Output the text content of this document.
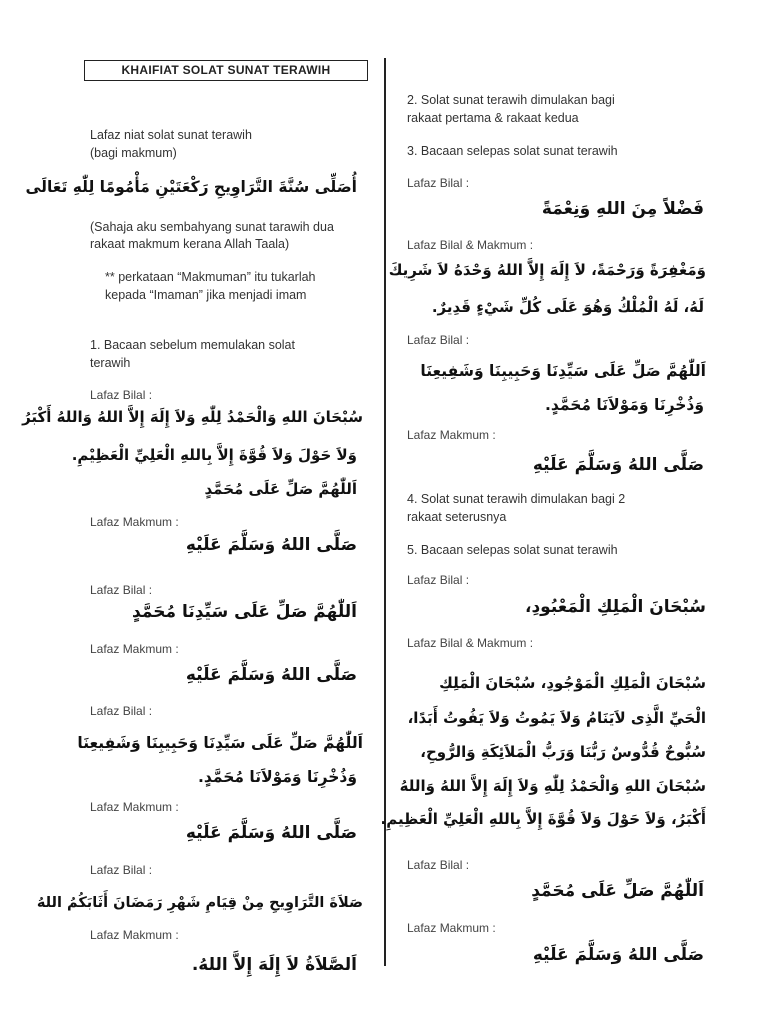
KHAIFIAT SOLAT SUNAT TERAWIH
Lafaz niat solat sunat terawih
(bagi makmum)
أُصَلِّى سُنَّةَ التَّرَاوِيحِ رَكْعَتَيْنِ مَأْمُومًا لِلّٰهِ تَعَالَى
(Sahaja aku sembahyang sunat tarawih dua
rakaat makmum kerana Allah Taala)
** perkataan “Makmuman” itu tukarlah
kepada “Imaman” jika menjadi imam
1. Bacaan sebelum memulakan solat
terawih
Lafaz Bilal :
سُبْحَانَ اللهِ وَالْحَمْدُ لِلّٰهِ وَلاَ إِلَهَ إِلاَّ اللهُ وَاللهُ أَكْبَرُ
وَلاَ حَوْلَ وَلاَ قُوَّةَ إِلاَّ بِاللهِ الْعَلِيِّ الْعَظِيْمِ.
اَللّٰهُمَّ صَلِّ عَلَى مُحَمَّدٍ
Lafaz Makmum :
صَلَّى اللهُ وَسَلَّمَ عَلَيْهِ
Lafaz Bilal :
اَللّٰهُمَّ صَلِّ عَلَى سَيِّدِنَا مُحَمَّدٍ
Lafaz Makmum :
صَلَّى اللهُ وَسَلَّمَ عَلَيْهِ
Lafaz Bilal :
اَللّٰهُمَّ صَلِّ عَلَى سَيِّدِنَا وَحَبِيبِنَا وَشَفِيعِنَا
وَذُخْرِنَا وَمَوْلاَنَا مُحَمَّدٍ.
Lafaz Makmum :
صَلَّى اللهُ وَسَلَّمَ عَلَيْهِ
Lafaz Bilal :
صَلاَةَ التَّرَاوِيحِ مِنْ قِيَامِ شَهْرِ رَمَضَانَ أَثَابَكُمُ اللهُ
Lafaz Makmum :
اَلصَّلاَةُ لاَ إِلَهَ إِلاَّ اللهُ.
2. Solat sunat terawih dimulakan bagi
rakaat pertama & rakaat kedua
3. Bacaan selepas solat sunat terawih
Lafaz Bilal :
فَضْلاً مِنَ اللهِ وَنِعْمَةً
Lafaz Bilal & Makmum :
وَمَغْفِرَةً وَرَحْمَةً، لاَ إِلَهَ إِلاَّ اللهُ وَحْدَهُ لاَ شَرِيكَ
لَهُ، لَهُ الْمُلْكُ وَهُوَ عَلَى كُلِّ شَيْءٍ قَدِيرٌ.
Lafaz Bilal :
اَللّٰهُمَّ صَلِّ عَلَى سَيِّدِنَا وَحَبِيبِنَا وَشَفِيعِنَا
وَذُخْرِنَا وَمَوْلاَنَا مُحَمَّدٍ.
Lafaz Makmum :
صَلَّى اللهُ وَسَلَّمَ عَلَيْهِ
4. Solat sunat terawih dimulakan bagi 2
rakaat seterusnya
5. Bacaan selepas solat sunat terawih
Lafaz Bilal :
سُبْحَانَ الْمَلِكِ الْمَعْبُودِ،
Lafaz Bilal & Makmum :
سُبْحَانَ الْمَلِكِ الْمَوْجُودِ، سُبْحَانَ الْمَلِكِ
الْحَيِّ الَّذِى لاَيَنَامُ وَلاَ يَمُوتُ وَلاَ يَفُوتُ أَبَدًا،
سُبُّوحٌ قُدُّوسٌ رَبُّنَا وَرَبُّ الْمَلاَئِكَةِ وَالرُّوحِ،
سُبْحَانَ اللهِ وَالْحَمْدُ لِلّٰهِ وَلاَ إِلَهَ إِلاَّ اللهُ وَاللهُ
أَكْبَرُ، وَلاَ حَوْلَ وَلاَ قُوَّةَ إِلاَّ بِاللهِ الْعَلِيِّ الْعَظِيمِ.
Lafaz Bilal :
اَللّٰهُمَّ صَلِّ عَلَى مُحَمَّدٍ
Lafaz Makmum :
صَلَّى اللهُ وَسَلَّمَ عَلَيْهِ
